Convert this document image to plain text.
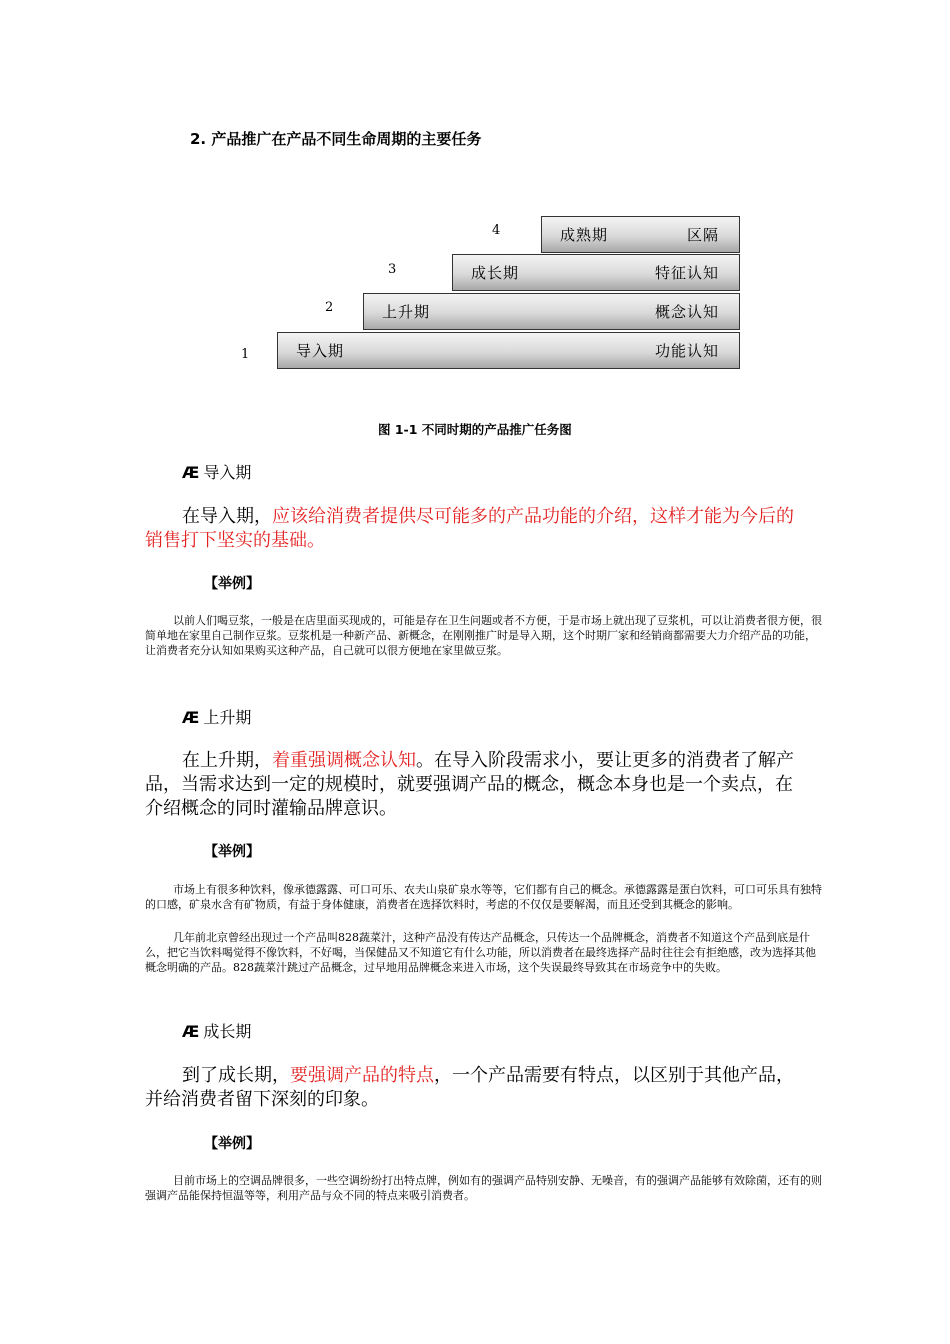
2. 产品推广在产品不同生命周期的主要任务
1	导入期	功能认知
2	上升期	概念认知
3	成长期	特征认知
4	成熟期	区隔
图 1-1 不同时期的产品推广任务图
Æ 导入期
在导入期，应该给消费者提供尽可能多的产品功能的介绍，这样才能为今后的销售打下坚实的基础。
【举例】
以前人们喝豆浆，一般是在店里面买现成的，可能是存在卫生问题或者不方便，于是市场上就出现了豆浆机，可以让消费者很方便，很简单地在家里自己制作豆浆。豆浆机是一种新产品、新概念，在刚刚推广时是导入期，这个时期厂家和经销商都需要大力介绍产品的功能，让消费者充分认知如果购买这种产品，自己就可以很方便地在家里做豆浆。
Æ 上升期
在上升期，着重强调概念认知。在导入阶段需求小，要让更多的消费者了解产品，当需求达到一定的规模时，就要强调产品的概念，概念本身也是一个卖点，在介绍概念的同时灌输品牌意识。
【举例】
市场上有很多种饮料，像承德露露、可口可乐、农夫山泉矿泉水等等，它们都有自己的概念。承德露露是蛋白饮料，可口可乐具有独特的口感，矿泉水含有矿物质，有益于身体健康，消费者在选择饮料时，考虑的不仅仅是要解渴，而且还受到其概念的影响。
几年前北京曾经出现过一个产品叫828蔬菜汁，这种产品没有传达产品概念，只传达一个品牌概念，消费者不知道这个产品到底是什么，把它当饮料喝觉得不像饮料，不好喝，当保健品又不知道它有什么功能，所以消费者在最终选择产品时往往会有拒绝感，改为选择其他概念明确的产品。828蔬菜汁跳过产品概念，过早地用品牌概念来进入市场，这个失误最终导致其在市场竞争中的失败。
Æ 成长期
到了成长期，要强调产品的特点，一个产品需要有特点，以区别于其他产品，并给消费者留下深刻的印象。
【举例】
目前市场上的空调品牌很多，一些空调纷纷打出特点牌，例如有的强调产品特别安静、无噪音，有的强调产品能够有效除菌，还有的则强调产品能保持恒温等等，利用产品与众不同的特点来吸引消费者。
